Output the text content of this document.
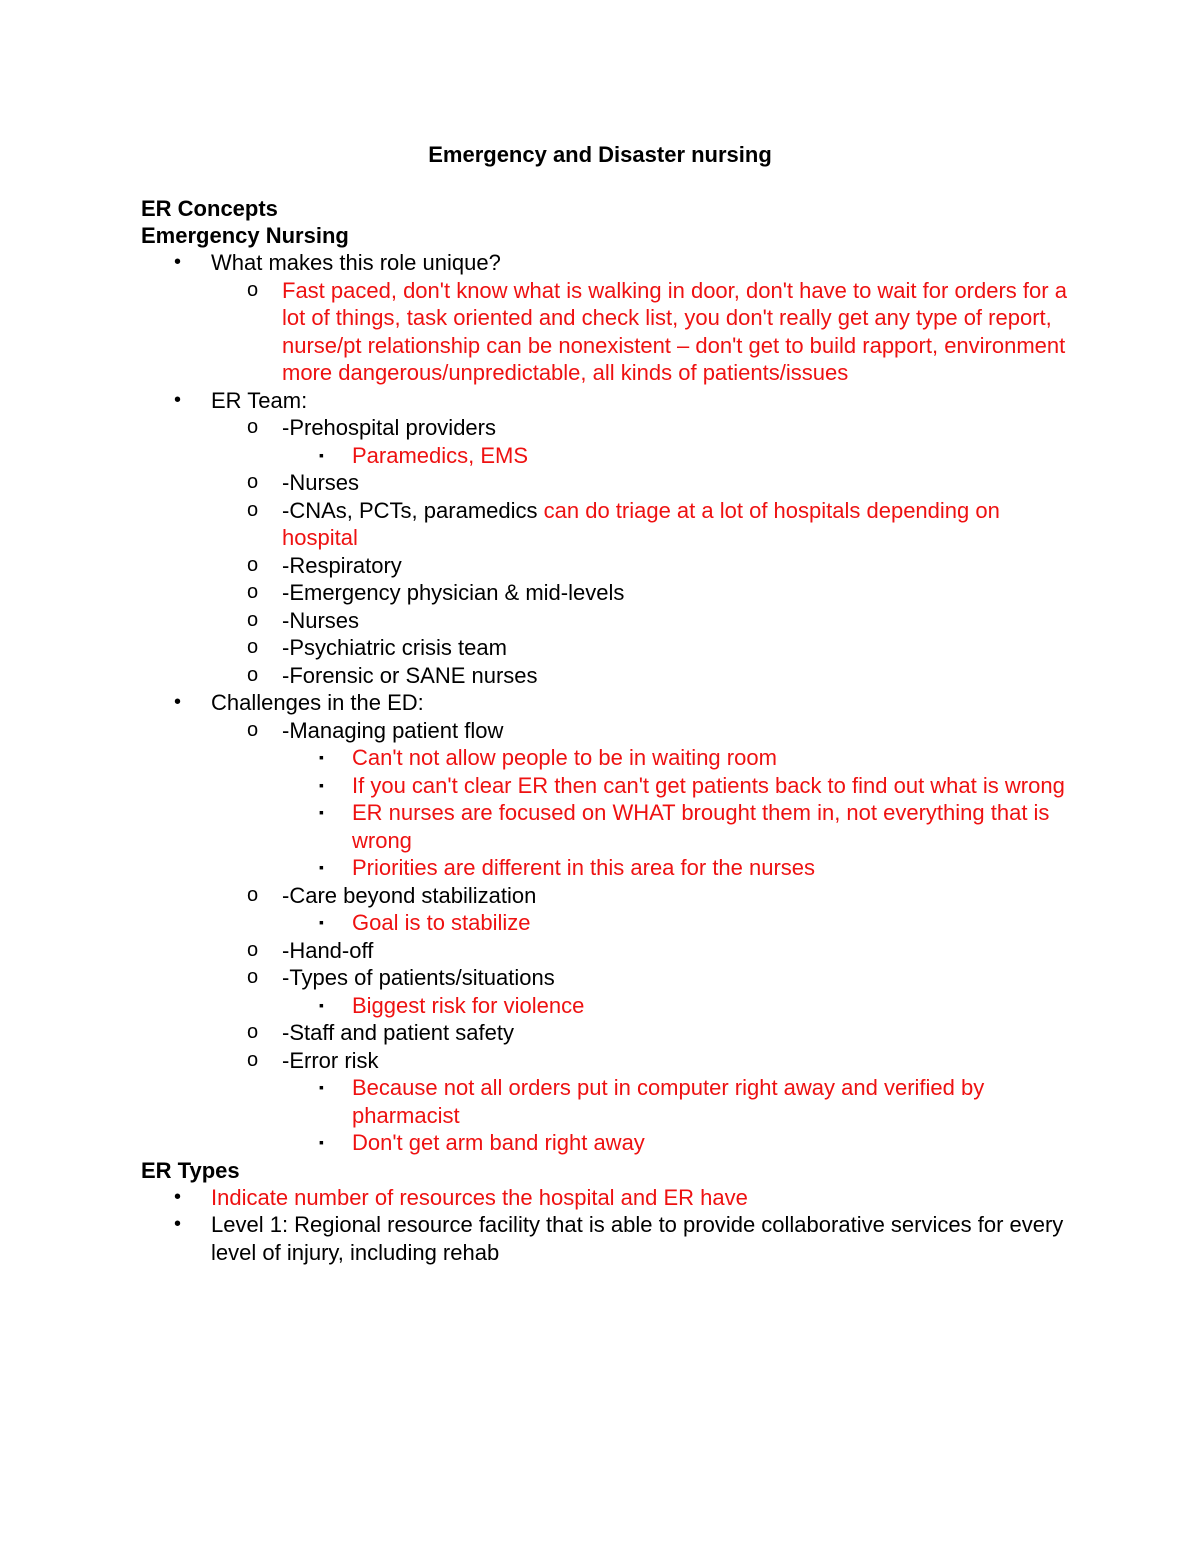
Emergency and Disaster nursing
ER Concepts
Emergency Nursing
• What makes this role unique?
o Fast paced, don't know what is walking in door, don't have to wait for orders for a lot of things, task oriented and check list, you don't really get any type of report, nurse/pt relationship can be nonexistent – don't get to build rapport, environment more dangerous/unpredictable, all kinds of patients/issues
• ER Team:
o -Prehospital providers
▪ Paramedics, EMS
o -Nurses
o -CNAs, PCTs, paramedics can do triage at a lot of hospitals depending on hospital
o -Respiratory
o -Emergency physician & mid-levels
o -Nurses
o -Psychiatric crisis team
o -Forensic or SANE nurses
• Challenges in the ED:
o -Managing patient flow
▪ Can't not allow people to be in waiting room
▪ If you can't clear ER then can't get patients back to find out what is wrong
▪ ER nurses are focused on WHAT brought them in, not everything that is wrong
▪ Priorities are different in this area for the nurses
o -Care beyond stabilization
▪ Goal is to stabilize
o -Hand-off
o -Types of patients/situations
▪ Biggest risk for violence
o -Staff and patient safety
o -Error risk
▪ Because not all orders put in computer right away and verified by pharmacist
▪ Don't get arm band right away
ER Types
• Indicate number of resources the hospital and ER have
• Level 1: Regional resource facility that is able to provide collaborative services for every level of injury, including rehab
